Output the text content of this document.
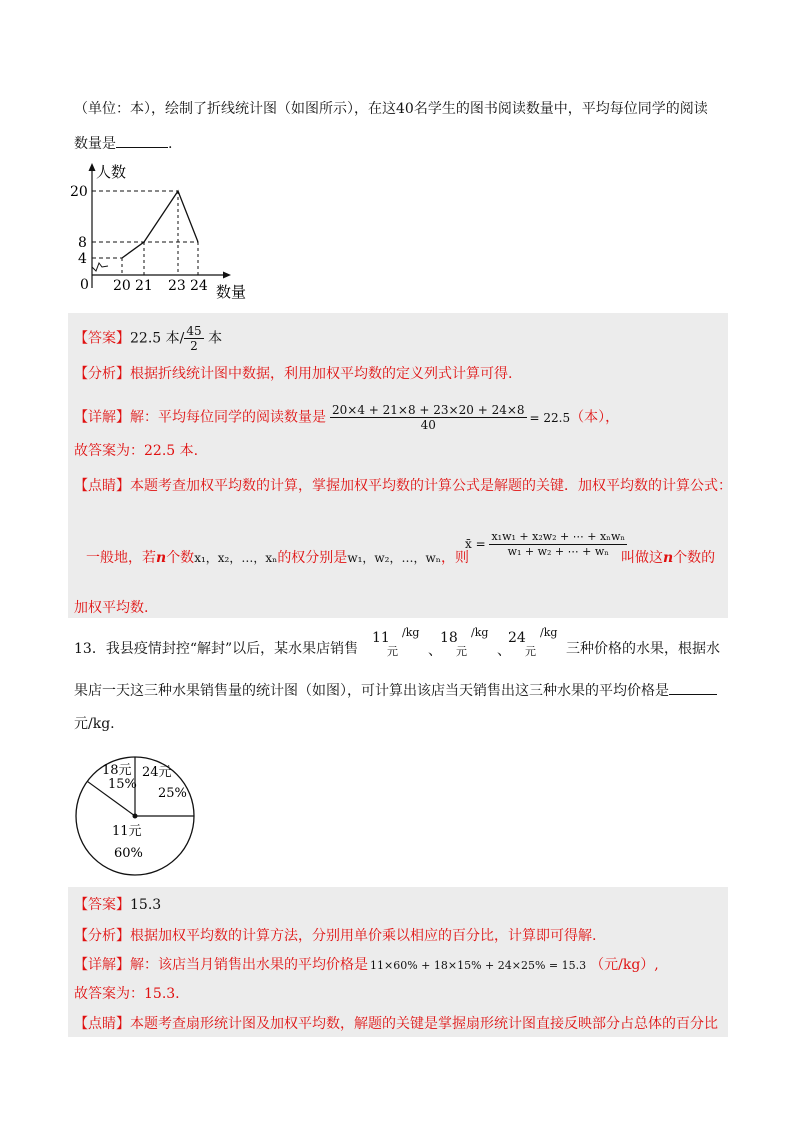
（单位：本），绘制了折线统计图（如图所示），在这40名学生的图书阅读数量中，平均每位同学的阅读
数量是	.
人数
20
8
4
0 20 21 23 24 数量
【答案】22.5 本/ $\frac{45}{2}$ 本
【分析】根据折线统计图中数据，利用加权平均数的定义列式计算可得.
【详解】解：平均每位同学的阅读数量是 $\frac{20\times 4 + 21\times 8 + 23\times 20 + 24\times 8}{40} = 22.5$（本），
故答案为：22.5 本.
【点睛】本题考查加权平均数的计算，掌握加权平均数的计算公式是解题的关键．加权平均数的计算公式：
一般地，若n个数x₁，x₂，…，xₙ的权分别是w₁，w₂，…，wₙ，则
x̄ = $\frac{\text{x₁w₁ + x₂w₂ + ⋯ + xₙwₙ}}{\text{w₁ + w₂ + ⋯ + wₙ}}$
叫做这n个数的
加权平均数.
13．我县疫情封控“解封”以后，某水果店销售
11 /kg
元 、
18 /kg
元 、
24 /kg
元 三种价格的水果，根据水
果店一天这三种水果销售量的统计图（如图），可计算出该店当天销售出这三种水果的平均价格是
元/kg.
18元
15%
24元
25%
11元
60%
【答案】15.3
【分析】根据加权平均数的计算方法，分别用单价乘以相应的百分比，计算即可得解.
【详解】解：该店当月销售出水果的平均价格是 11×60% + 18×15% + 24×25% = 15.3 （元/kg）,
故答案为：15.3.
【点睛】本题考查扇形统计图及加权平均数，解题的关键是掌握扇形统计图直接反映部分占总体的百分比
